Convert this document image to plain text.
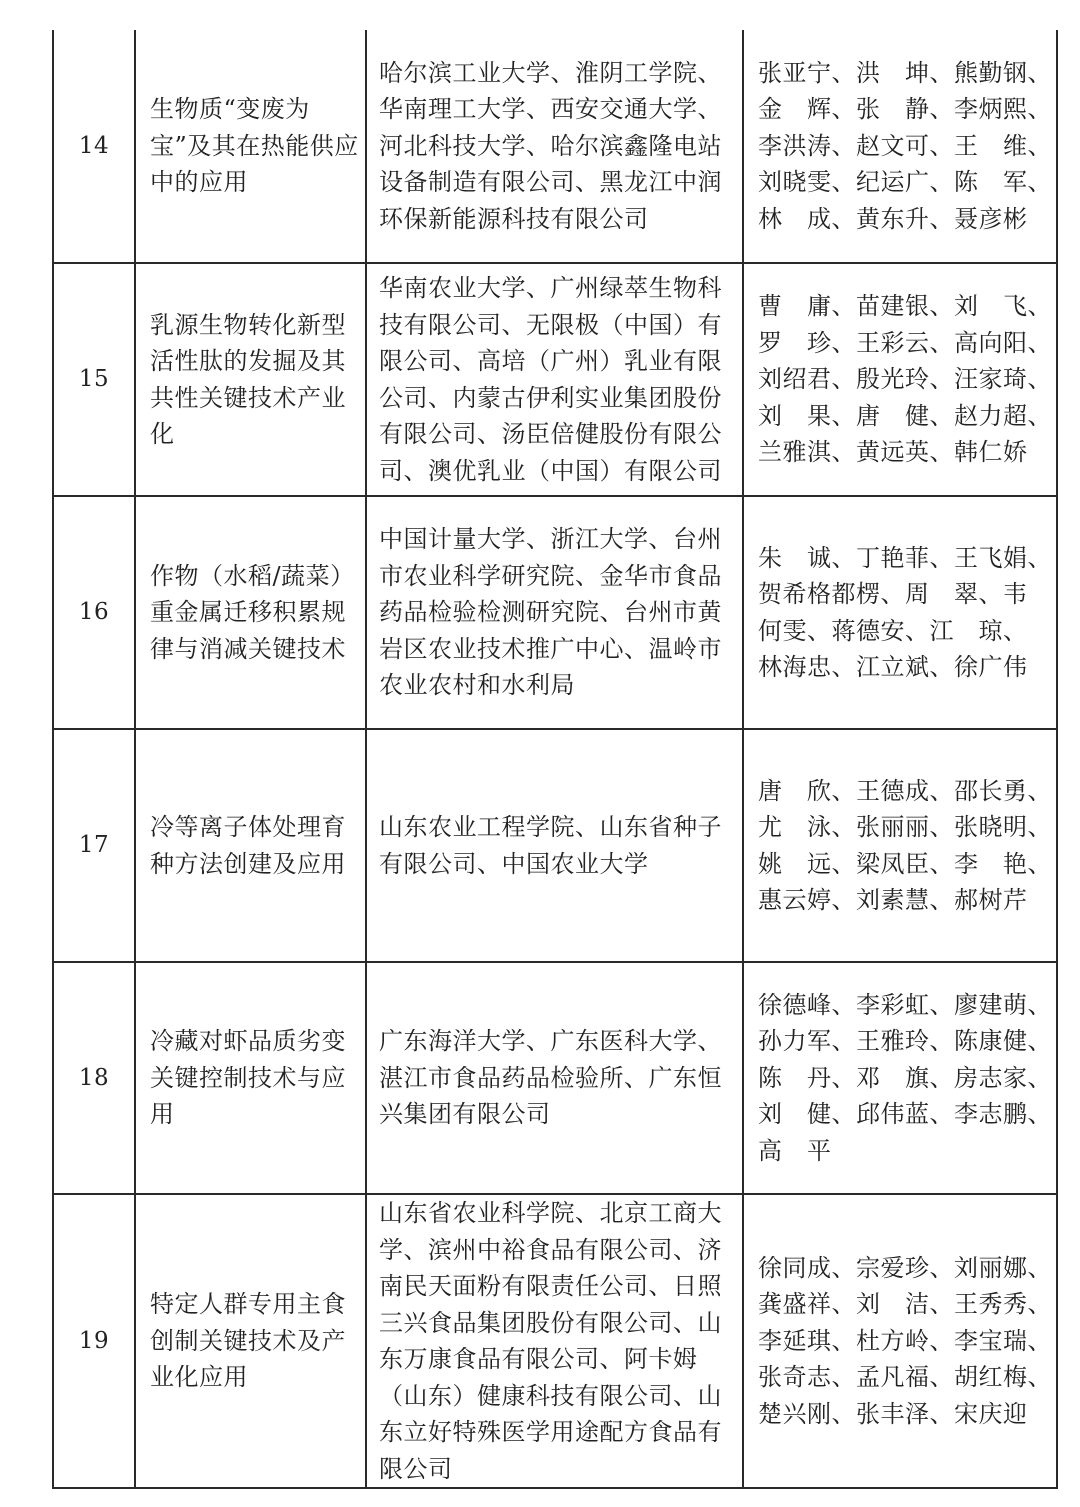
14	生物质“变废为宝”及其在热能供应中的应用	哈尔滨工业大学、淮阴工学院、华南理工大学、西安交通大学、河北科技大学、哈尔滨鑫隆电站设备制造有限公司、黑龙江中润环保新能源科技有限公司	张亚宁、洪　坤、熊勤钢、
金　辉、张　静、李炳熙、
李洪涛、赵文可、王　维、
刘晓雯、纪运广、陈　军、
林　成、黄东升、聂彦彬

15	乳源生物转化新型活性肽的发掘及其共性关键技术产业化	华南农业大学、广州绿萃生物科技有限公司、无限极（中国）有限公司、高培（广州）乳业有限公司、内蒙古伊利实业集团股份有限公司、汤臣倍健股份有限公司、澳优乳业（中国）有限公司	曹　庸、苗建银、刘　飞、
罗　珍、王彩云、高向阳、
刘绍君、殷光玲、汪家琦、
刘　果、唐　健、赵力超、
兰雅淇、黄远英、韩仁娇

16	作物（水稻/蔬菜）重金属迁移积累规律与消减关键技术	中国计量大学、浙江大学、台州市农业科学研究院、金华市食品药品检验检测研究院、台州市黄岩区农业技术推广中心、温岭市农业农村和水利局	朱　诚、丁艳菲、王飞娟、
贺希格都楞、周　翠、韦
何雯、蒋德安、江　琼、
林海忠、江立斌、徐广伟

17	冷等离子体处理育种方法创建及应用	山东农业工程学院、山东省种子有限公司、中国农业大学	唐　欣、王德成、邵长勇、
尤　泳、张丽丽、张晓明、
姚　远、梁凤臣、李　艳、
惠云婷、刘素慧、郝树芹

18	冷藏对虾品质劣变关键控制技术与应用	广东海洋大学、广东医科大学、湛江市食品药品检验所、广东恒兴集团有限公司	徐德峰、李彩虹、廖建萌、
孙力军、王雅玲、陈康健、
陈　丹、邓　旗、房志家、
刘　健、邱伟蓝、李志鹏、
高　平

19	特定人群专用主食创制关键技术及产业化应用	山东省农业科学院、北京工商大学、滨州中裕食品有限公司、济南民天面粉有限责任公司、日照三兴食品集团股份有限公司、山东万康食品有限公司、阿卡姆（山东）健康科技有限公司、山东立好特殊医学用途配方食品有限公司	徐同成、宗爱珍、刘丽娜、
龚盛祥、刘　洁、王秀秀、
李延琪、杜方岭、李宝瑞、
张奇志、孟凡福、胡红梅、
楚兴刚、张丰泽、宋庆迎
